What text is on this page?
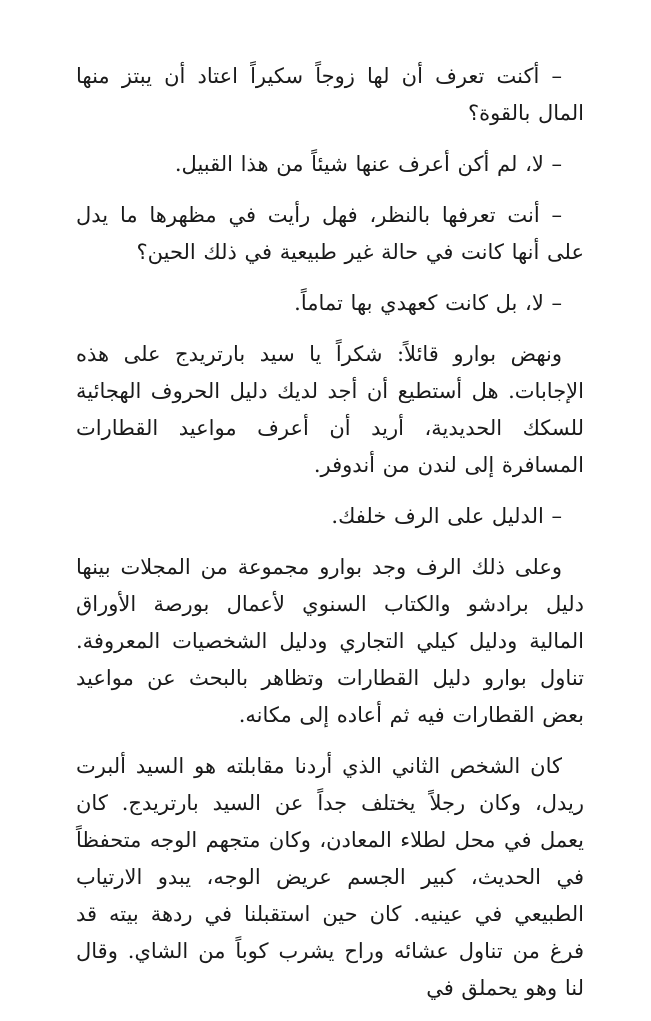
– أكنت تعرف أن لها زوجاً سكيراً اعتاد أن يبتز منها المال بالقوة؟

– لا، لم أكن أعرف عنها شيئاً من هذا القبيل.

– أنت تعرفها بالنظر، فهل رأيت في مظهرها ما يدل على أنها كانت في حالة غير طبيعية في ذلك الحين؟

– لا، بل كانت كعهدي بها تماماً.

ونهض بوارو قائلاً: شكراً يا سيد بارتريدج على هذه الإجابات. هل أستطيع أن أجد لديك دليل الحروف الهجائية للسكك الحديدية، أريد أن أعرف مواعيد القطارات المسافرة إلى لندن من أندوفر.

– الدليل على الرف خلفك.

وعلى ذلك الرف وجد بوارو مجموعة من المجلات بينها دليل برادشو والكتاب السنوي لأعمال بورصة الأوراق المالية ودليل كيلي التجاري ودليل الشخصيات المعروفة. تناول بوارو دليل القطارات وتظاهر بالبحث عن مواعيد بعض القطارات فيه ثم أعاده إلى مكانه.

كان الشخص الثاني الذي أردنا مقابلته هو السيد ألبرت ريدل، وكان رجلاً يختلف جداً عن السيد بارتريدج. كان يعمل في محل لطلاء المعادن، وكان متجهم الوجه متحفظاً في الحديث، كبير الجسم عريض الوجه، يبدو الارتياب الطبيعي في عينيه. كان حين استقبلنا في ردهة بيته قد فرغ من تناول عشائه وراح يشرب كوباً من الشاي. وقال لنا وهو يحملق في
